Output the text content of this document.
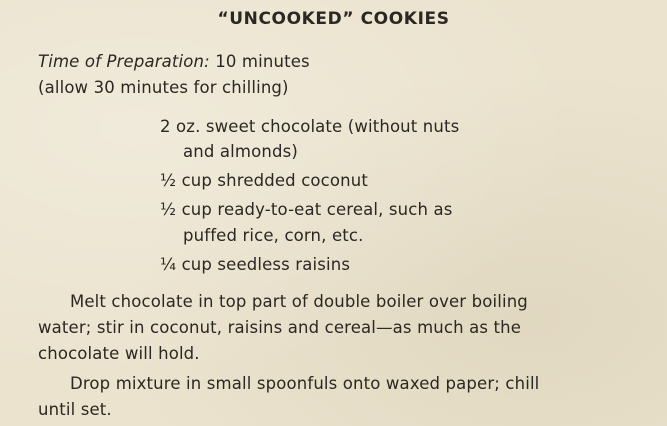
“UNCOOKED” COOKIES
Time of Preparation: 10 minutes
(allow 30 minutes for chilling)
2 oz. sweet chocolate (without nuts
and almonds)
½ cup shredded coconut
½ cup ready-to-eat cereal, such as
puffed rice, corn, etc.
¼ cup seedless raisins
Melt chocolate in top part of double boiler over boiling
water; stir in coconut, raisins and cereal—as much as the
chocolate will hold.
Drop mixture in small spoonfuls onto waxed paper; chill
until set.
